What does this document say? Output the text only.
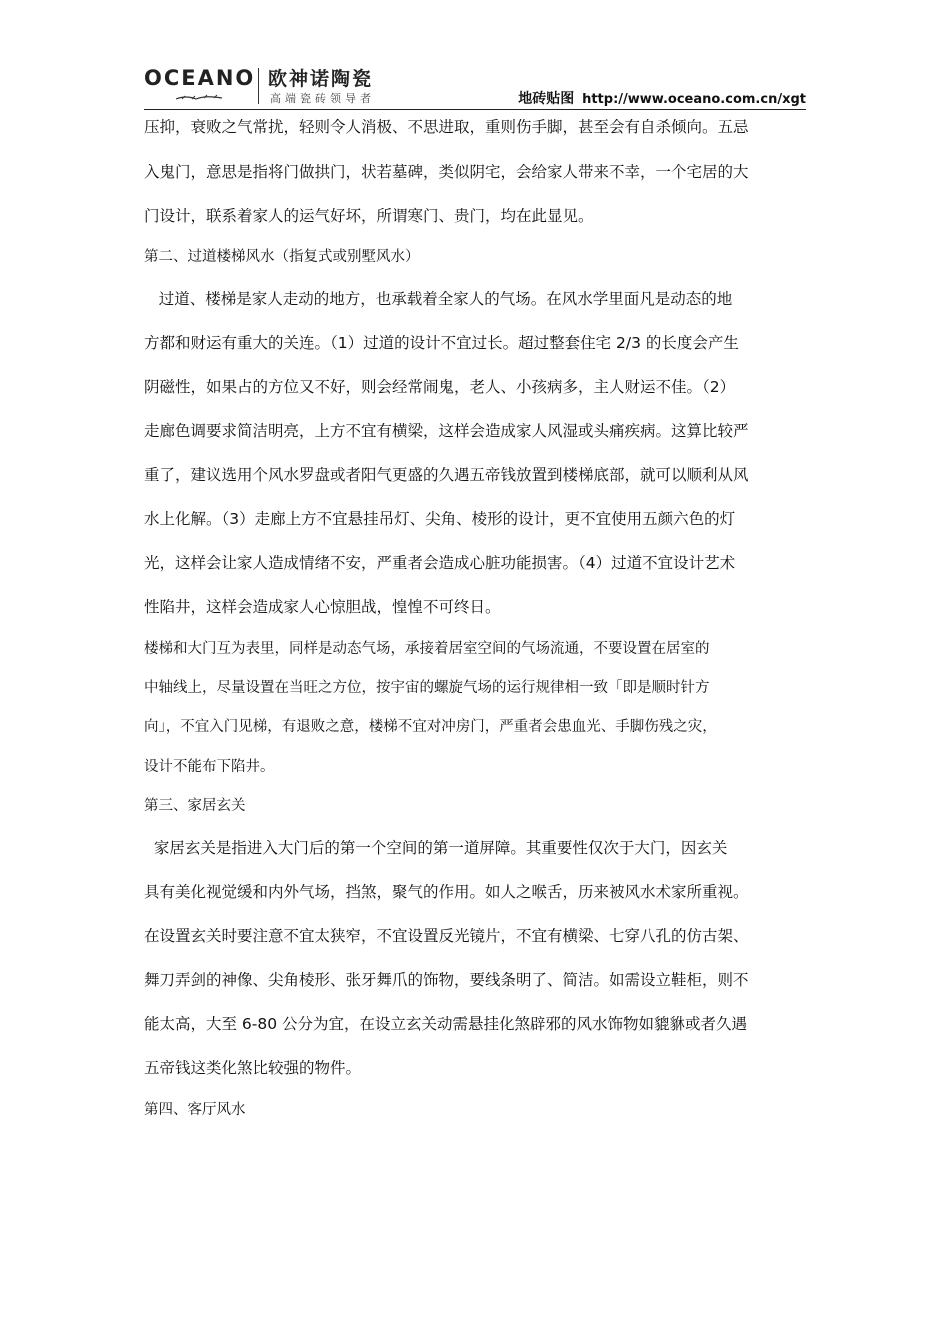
OCEANO 欧神诺陶瓷
高端瓷砖领导者	地砖贴图 http://www.oceano.com.cn/xgt
压抑，衰败之气常扰，轻则令人消极、不思进取，重则伤手脚，甚至会有自杀倾向。五忌
入鬼门，意思是指将门做拱门，状若墓碑，类似阴宅，会给家人带来不幸，一个宅居的大
门设计，联系着家人的运气好坏，所谓寒门、贵门，均在此显见。
第二、过道楼梯风水（指复式或别墅风水）
过道、楼梯是家人走动的地方，也承载着全家人的气场。在风水学里面凡是动态的地
方都和财运有重大的关连。（1）过道的设计不宜过长。超过整套住宅 2/3 的长度会产生
阴磁性，如果占的方位又不好，则会经常闹鬼，老人、小孩病多，主人财运不佳。（2）
走廊色调要求简洁明亮，上方不宜有横梁，这样会造成家人风湿或头痛疾病。这算比较严
重了，建议选用个风水罗盘或者阳气更盛的久遇五帝钱放置到楼梯底部，就可以顺利从风
水上化解。（3）走廊上方不宜悬挂吊灯、尖角、棱形的设计，更不宜使用五颜六色的灯
光，这样会让家人造成情绪不安，严重者会造成心脏功能损害。（4）过道不宜设计艺术
性陷井，这样会造成家人心惊胆战，惶惶不可终日。
楼梯和大门互为表里，同样是动态气场，承接着居室空间的气场流通，不要设置在居室的
中轴线上，尽量设置在当旺之方位，按宇宙的螺旋气场的运行规律相一致「即是顺时针方
向」，不宜入门见梯，有退败之意，楼梯不宜对冲房门，严重者会患血光、手脚伤残之灾，
设计不能布下陷井。
第三、家居玄关
家居玄关是指进入大门后的第一个空间的第一道屏障。其重要性仅次于大门，因玄关
具有美化视觉缓和内外气场，挡煞，聚气的作用。如人之喉舌，历来被风水术家所重视。
在设置玄关时要注意不宜太狭窄，不宜设置反光镜片，不宜有横梁、七穿八孔的仿古架、
舞刀弄剑的神像、尖角棱形、张牙舞爪的饰物，要线条明了、简洁。如需设立鞋柜，则不
能太高，大至 6-80 公分为宜，在设立玄关动需悬挂化煞辟邪的风水饰物如貔貅或者久遇
五帝钱这类化煞比较强的物件。
第四、客厅风水
